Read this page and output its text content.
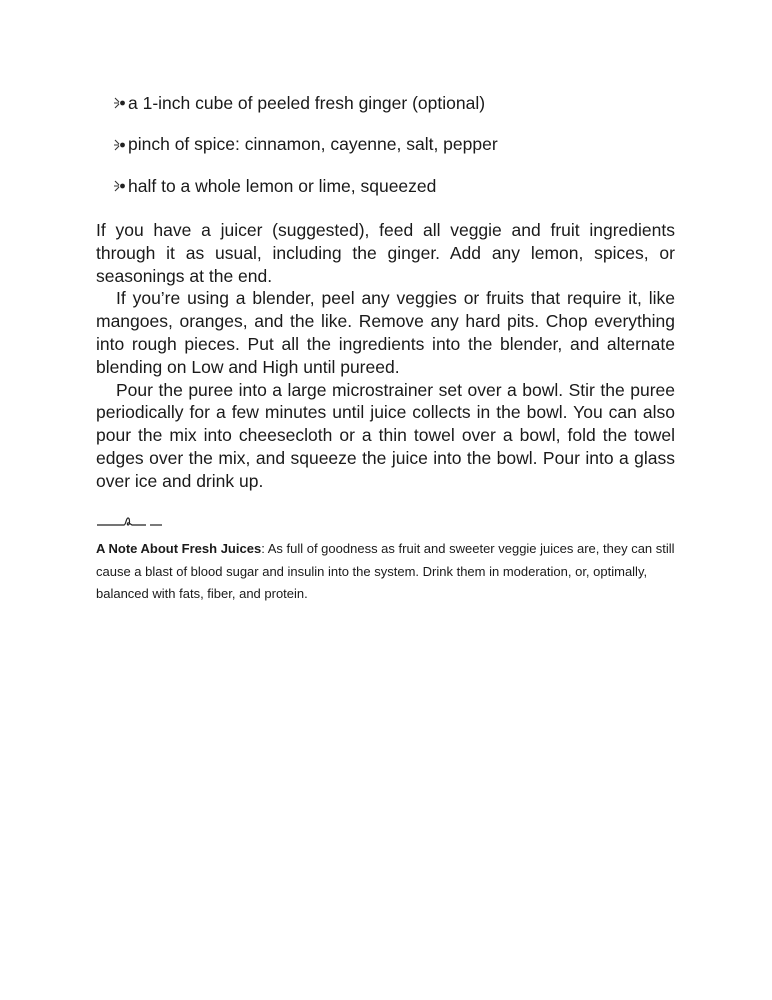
a 1-inch cube of peeled fresh ginger (optional)
pinch of spice: cinnamon, cayenne, salt, pepper
half to a whole lemon or lime, squeezed

If you have a juicer (suggested), feed all veggie and fruit ingredients through it as usual, including the ginger. Add any lemon, spices, or seasonings at the end.

If you’re using a blender, peel any veggies or fruits that require it, like mangoes, oranges, and the like. Remove any hard pits. Chop everything into rough pieces. Put all the ingredients into the blender, and alternate blending on Low and High until pureed.

Pour the puree into a large microstrainer set over a bowl. Stir the puree periodically for a few minutes until juice collects in the bowl. You can also pour the mix into cheesecloth or a thin towel over a bowl, fold the towel edges over the mix, and squeeze the juice into the bowl. Pour into a glass over ice and drink up.

A Note About Fresh Juices: As full of goodness as fruit and sweeter veggie juices are, they can still cause a blast of blood sugar and insulin into the system. Drink them in moderation, or, optimally, balanced with fats, fiber, and protein.
